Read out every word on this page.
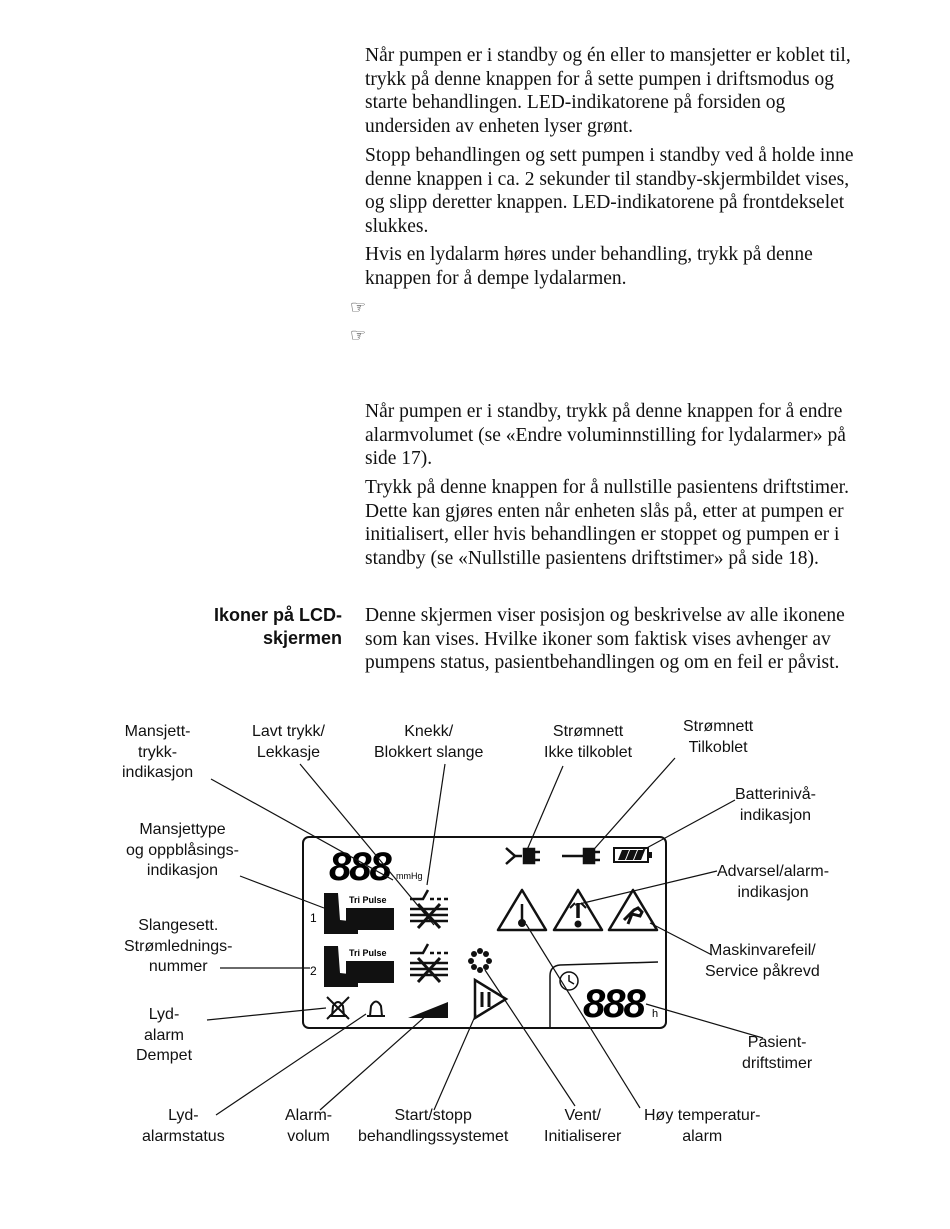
Når pumpen er i standby og én eller to mansjetter er koblet til, trykk på denne knappen for å sette pumpen i driftsmodus og starte behandlingen. LED-indikatorene på forsiden og undersiden av enheten lyser grønt.

Stopp behandlingen og sett pumpen i standby ved å holde inne denne knappen i ca. 2 sekunder til standby-skjermbildet vises, og slipp deretter knappen. LED-indikatorene på frontdekselet slukkes.

Hvis en lydalarm høres under behandling, trykk på denne knappen for å dempe lydalarmen.

☞
☞

Når pumpen er i standby, trykk på denne knappen for å endre alarmvolumet (se «Endre voluminnstilling for lydalarmer» på side 17).

Trykk på denne knappen for å nullstille pasientens driftstimer. Dette kan gjøres enten når enheten slås på, etter at pumpen er initialisert, eller hvis behandlingen er stoppet og pumpen er i standby (se «Nullstille pasientens driftstimer» på side 18).

Ikoner på LCD-skjermen

Denne skjermen viser posisjon og beskrivelse av alle ikonene som kan vises. Hvilke ikoner som faktisk vises avhenger av pumpens status, pasientbehandlingen og om en feil er påvist.

888 mmHg
Tri Pulse
1
Tri Pulse
2
888 h
Mansjett-
trykk-
indikasjon
Lavt trykk/
Lekkasje
Knekk/
Blokkert slange
Strømnett
Ikke tilkoblet
Strømnett
Tilkoblet
Batterinivå-
indikasjon
Mansjettype
og oppblåsings-
indikasjon	Advarsel/alarm-
indikasjon
Slangesett.
Strømlednings-
nummer
Maskinvarefeil/
Service påkrevd
Lyd-
alarm
Dempet
Pasient-
driftstimer
Lyd-
alarmstatus
Alarm-
volum
Start/stopp
behandlingssystemet
Vent/
Initialiserer
Høy temperatur-
alarm
